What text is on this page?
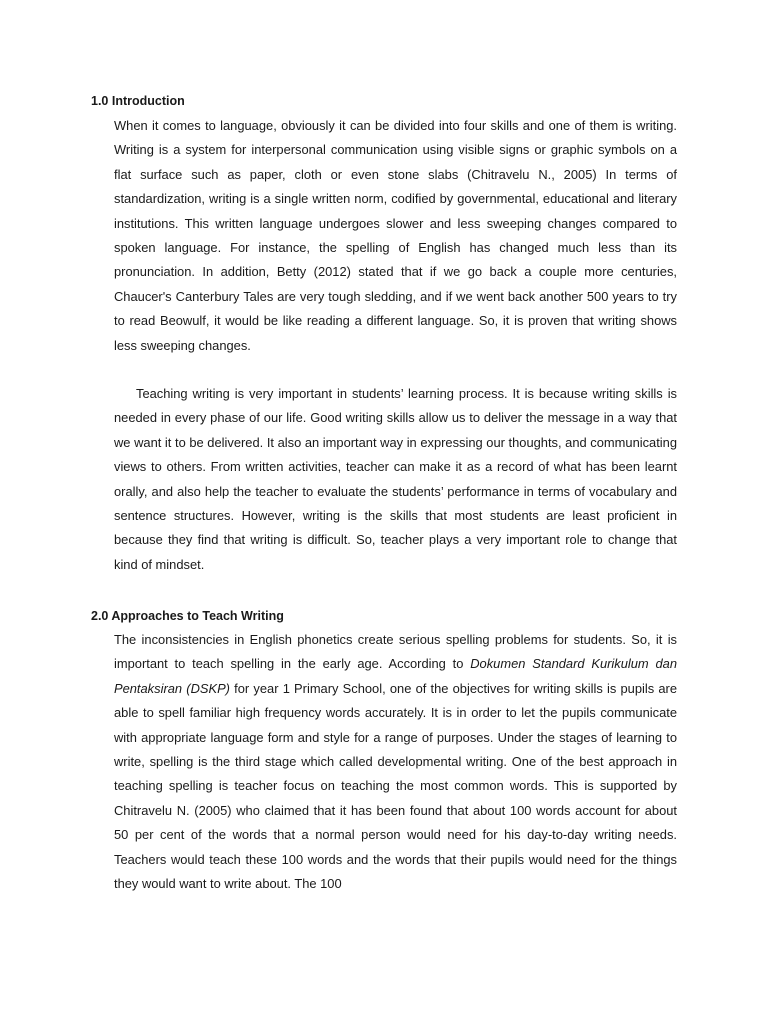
1.0 Introduction

When it comes to language, obviously it can be divided into four skills and one of them is writing. Writing is a system for interpersonal communication using visible signs or graphic symbols on a flat surface such as paper, cloth or even stone slabs (Chitravelu N., 2005) In terms of standardization, writing is a single written norm, codified by governmental, educational and literary institutions. This written language undergoes slower and less sweeping changes compared to spoken language. For instance, the spelling of English has changed much less than its pronunciation. In addition, Betty (2012) stated that if we go back a couple more centuries, Chaucer's Canterbury Tales are very tough sledding, and if we went back another 500 years to try to read Beowulf, it would be like reading a different language. So, it is proven that writing shows less sweeping changes.

Teaching writing is very important in students’ learning process. It is because writing skills is needed in every phase of our life. Good writing skills allow us to deliver the message in a way that we want it to be delivered. It also an important way in expressing our thoughts, and communicating views to others. From written activities, teacher can make it as a record of what has been learnt orally, and also help the teacher to evaluate the students’ performance in terms of vocabulary and sentence structures. However, writing is the skills that most students are least proficient in because they find that writing is difficult. So, teacher plays a very important role to change that kind of mindset.

2.0 Approaches to Teach Writing

The inconsistencies in English phonetics create serious spelling problems for students. So, it is important to teach spelling in the early age. According to Dokumen Standard Kurikulum dan Pentaksiran (DSKP) for year 1 Primary School, one of the objectives for writing skills is pupils are able to spell familiar high frequency words accurately. It is in order to let the pupils communicate with appropriate language form and style for a range of purposes. Under the stages of learning to write, spelling is the third stage which called developmental writing. One of the best approach in teaching spelling is teacher focus on teaching the most common words. This is supported by Chitravelu N. (2005) who claimed that it has been found that about 100 words account for about 50 per cent of the words that a normal person would need for his day-to-day writing needs. Teachers would teach these 100 words and the words that their pupils would need for the things they would want to write about. The 100
